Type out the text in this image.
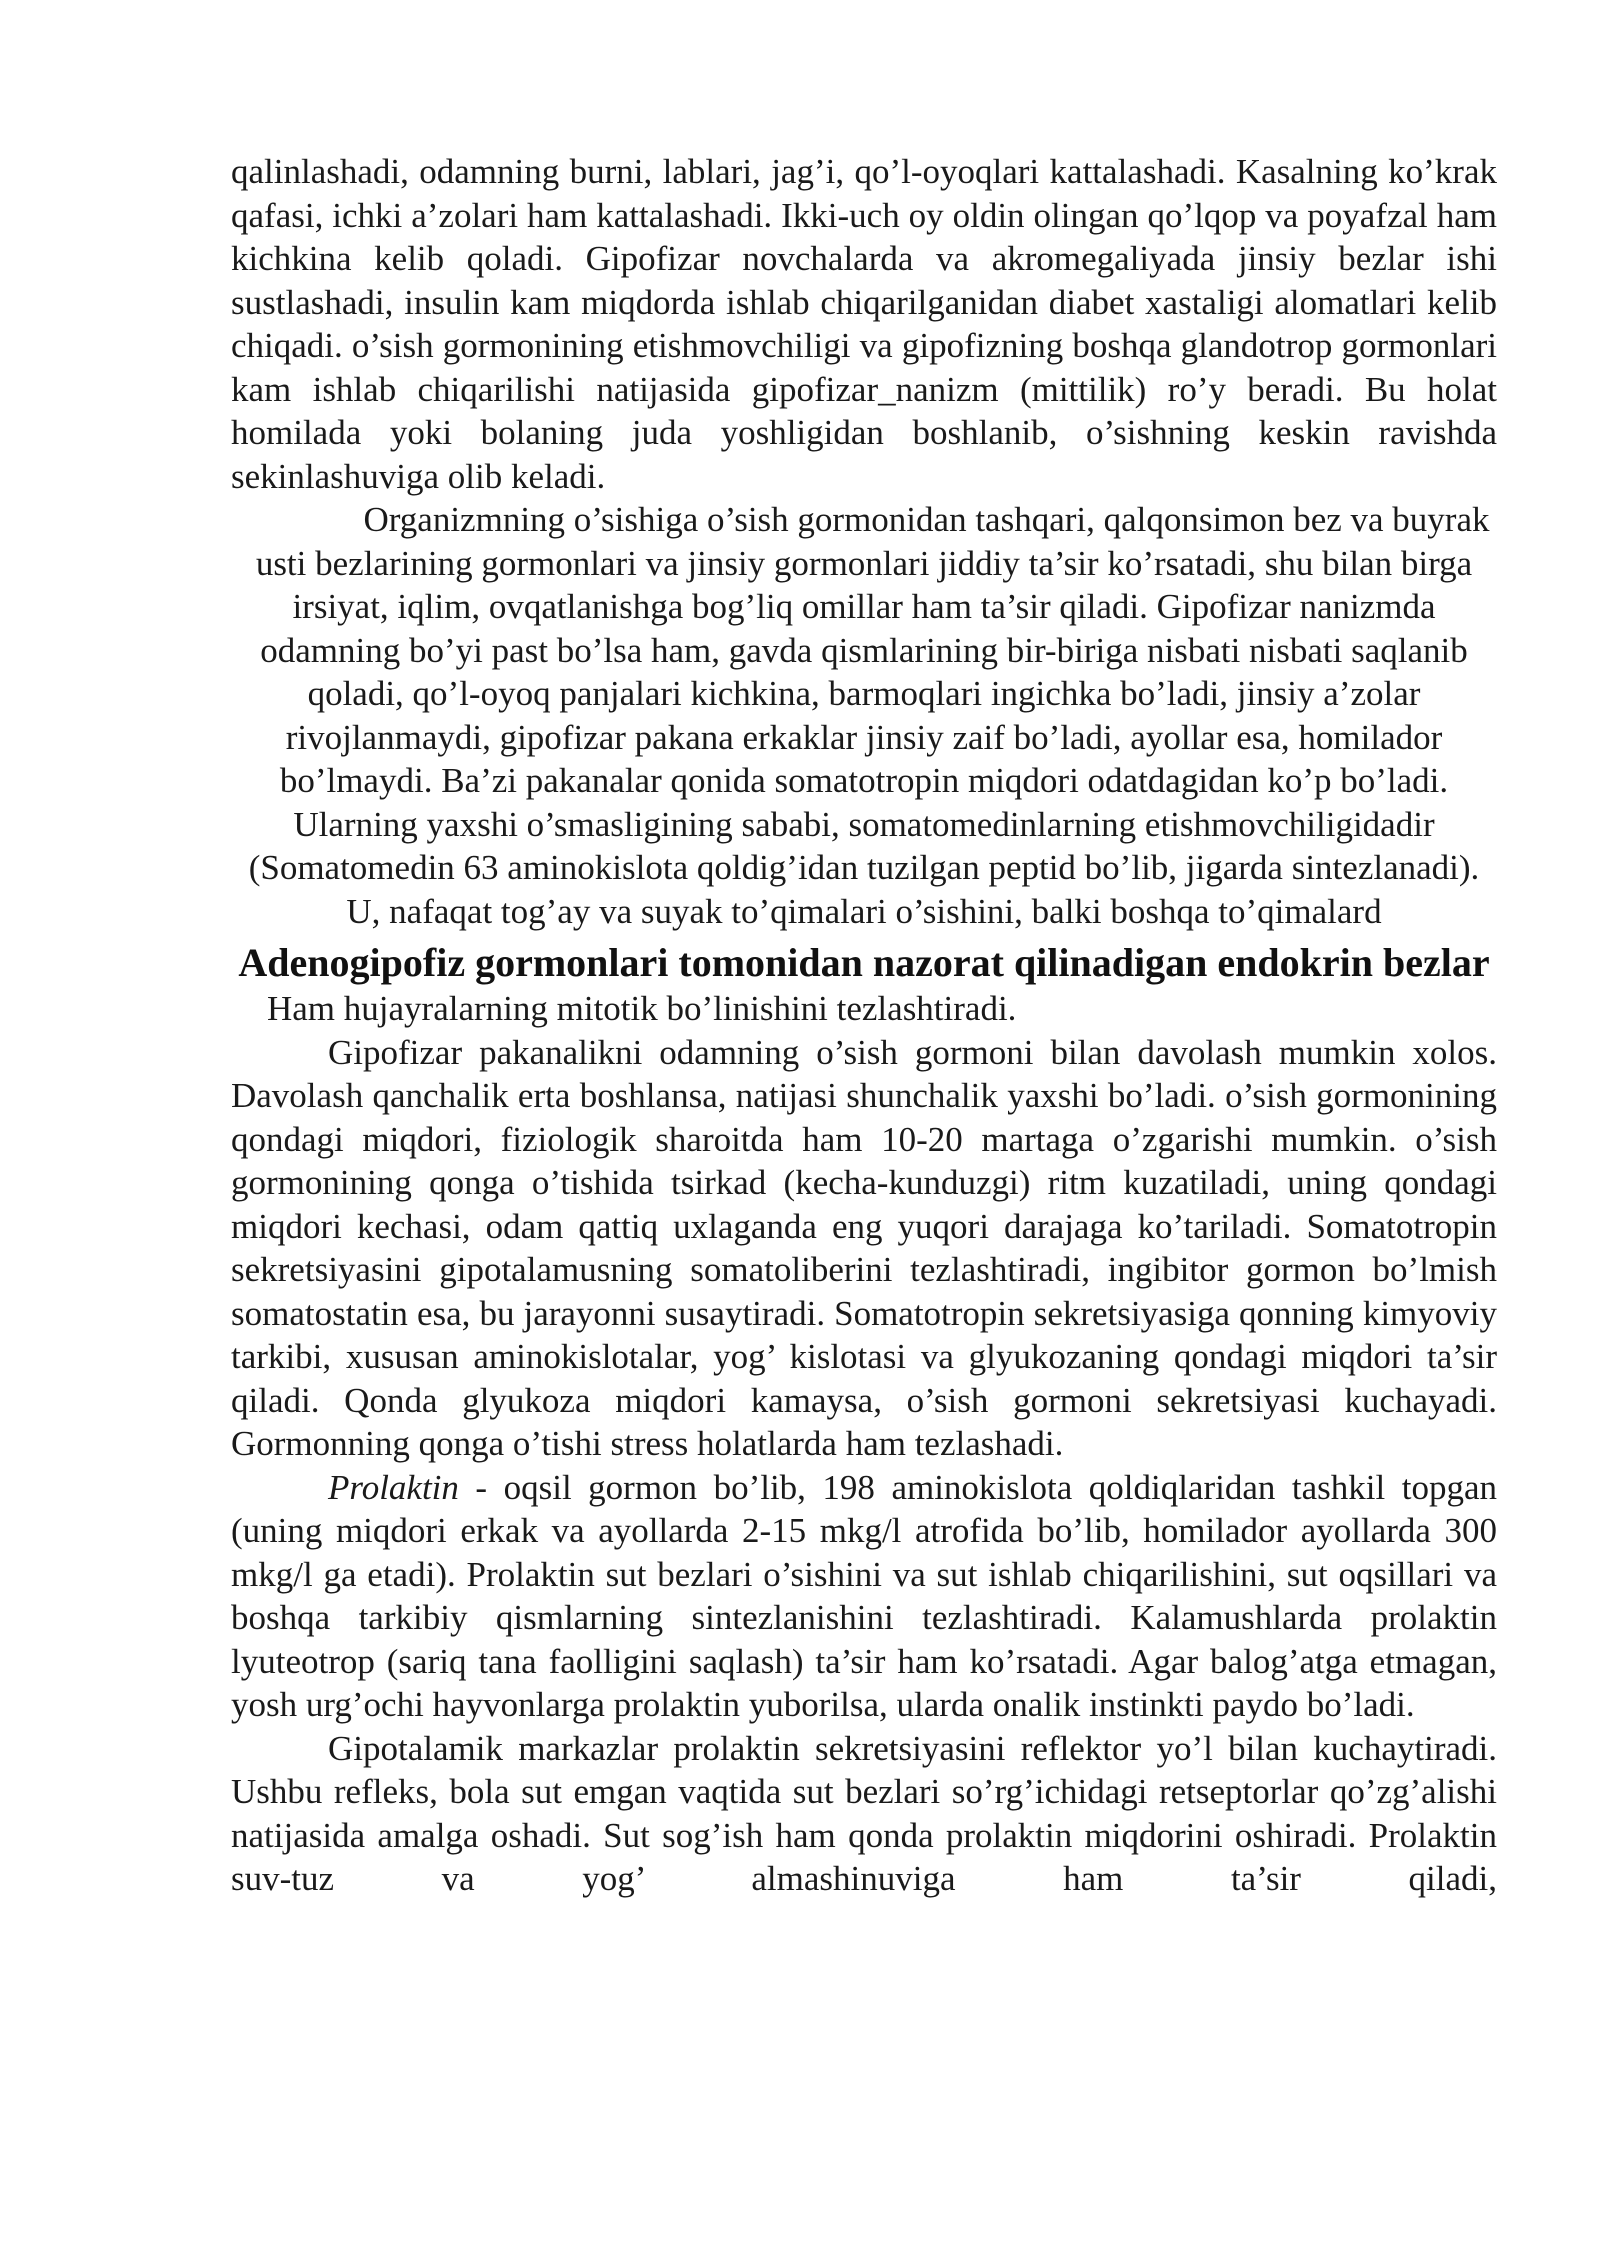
qalinlashadi, odamning burni, lablari, jag’i, qo’l-oyoqlari kattalashadi. Kasalning ko’krak qafasi, ichki a’zolari ham kattalashadi. Ikki-uch oy oldin olingan qo’lqop va poyafzal ham kichkina kelib qoladi. Gipofizar novchalarda va akromegaliyada jinsiy bezlar ishi sustlashadi, insulin kam miqdorda ishlab chiqarilganidan diabet xastaligi alomatlari kelib chiqadi. o’sish gormonining etishmovchiligi va gipofizning boshqa glandotrop gormonlari kam ishlab chiqarilishi natijasida gipofizar_nanizm (mittilik) ro’y beradi. Bu holat homilada yoki bolaning juda yoshligidan boshlanib, o’sishning keskin ravishda sekinlashuviga olib keladi.

Organizmning o’sishiga o’sish gormonidan tashqari, qalqonsimon bez va buyrak usti bezlarining gormonlari va jinsiy gormonlari jiddiy ta’sir ko’rsatadi, shu bilan birga irsiyat, iqlim, ovqatlanishga bog’liq omillar ham ta’sir qiladi. Gipofizar nanizmda odamning bo’yi past bo’lsa ham, gavda qismlarining bir-biriga nisbati nisbati saqlanib qoladi, qo’l-oyoq panjalari kichkina, barmoqlari ingichka bo’ladi, jinsiy a’zolar rivojlanmaydi, gipofizar pakana erkaklar jinsiy zaif bo’ladi, ayollar esa, homilador bo’lmaydi. Ba’zi pakanalar qonida somatotropin miqdori odatdagidan ko’p bo’ladi. Ularning yaxshi o’smasligining sababi, somatomedinlarning etishmovchiligidadir (Somatomedin 63 aminokislota qoldig’idan tuzilgan peptid bo’lib, jigarda sintezlanadi). U, nafaqat tog’ay va suyak to’qimalari o’sishini, balki boshqa to’qimalard

Adenogipofiz gormonlari tomonidan nazorat qilinadigan endokrin bezlar

Ham hujayralarning mitotik bo’linishini tezlashtiradi.

Gipofizar pakanalikni odamning o’sish gormoni bilan davolash mumkin xolos. Davolash qanchalik erta boshlansa, natijasi shunchalik yaxshi bo’ladi. o’sish gormonining qondagi miqdori, fiziologik sharoitda ham 10-20 martaga o’zgarishi mumkin. o’sish gormonining qonga o’tishida tsirkad (kecha-kunduzgi) ritm kuzatiladi, uning qondagi miqdori kechasi, odam qattiq uxlaganda eng yuqori darajaga ko’tariladi. Somatotropin sekretsiyasini gipotalamusning somatoliberini tezlashtiradi, ingibitor gormon bo’lmish somatostatin esa, bu jarayonni susaytiradi. Somatotropin sekretsiyasiga qonning kimyoviy tarkibi, xususan aminokislotalar, yog’ kislotasi va glyukozaning qondagi miqdori ta’sir qiladi. Qonda glyukoza miqdori kamaysa, o’sish gormoni sekretsiyasi kuchayadi. Gormonning qonga o’tishi stress holatlarda ham tezlashadi.

Prolaktin - oqsil gormon bo’lib, 198 aminokislota qoldiqlaridan tashkil topgan (uning miqdori erkak va ayollarda 2-15 mkg/l atrofida bo’lib, homilador ayollarda 300 mkg/l ga etadi). Prolaktin sut bezlari o’sishini va sut ishlab chiqarilishini, sut oqsillari va boshqa tarkibiy qismlarning sintezlanishini tezlashtiradi. Kalamushlarda prolaktin lyuteotrop (sariq tana faolligini saqlash) ta’sir ham ko’rsatadi. Agar balog’atga etmagan, yosh urg’ochi hayvonlarga prolaktin yuborilsa, ularda onalik instinkti paydo bo’ladi.

Gipotalamik markazlar prolaktin sekretsiyasini reflektor yo’l bilan kuchaytiradi. Ushbu refleks, bola sut emgan vaqtida sut bezlari so’rg’ichidagi retseptorlar qo’zg’alishi natijasida amalga oshadi. Sut sog’ish ham qonda prolaktin miqdorini oshiradi. Prolaktin suv-tuz va yog’ almashinuviga ham ta’sir qiladi,
